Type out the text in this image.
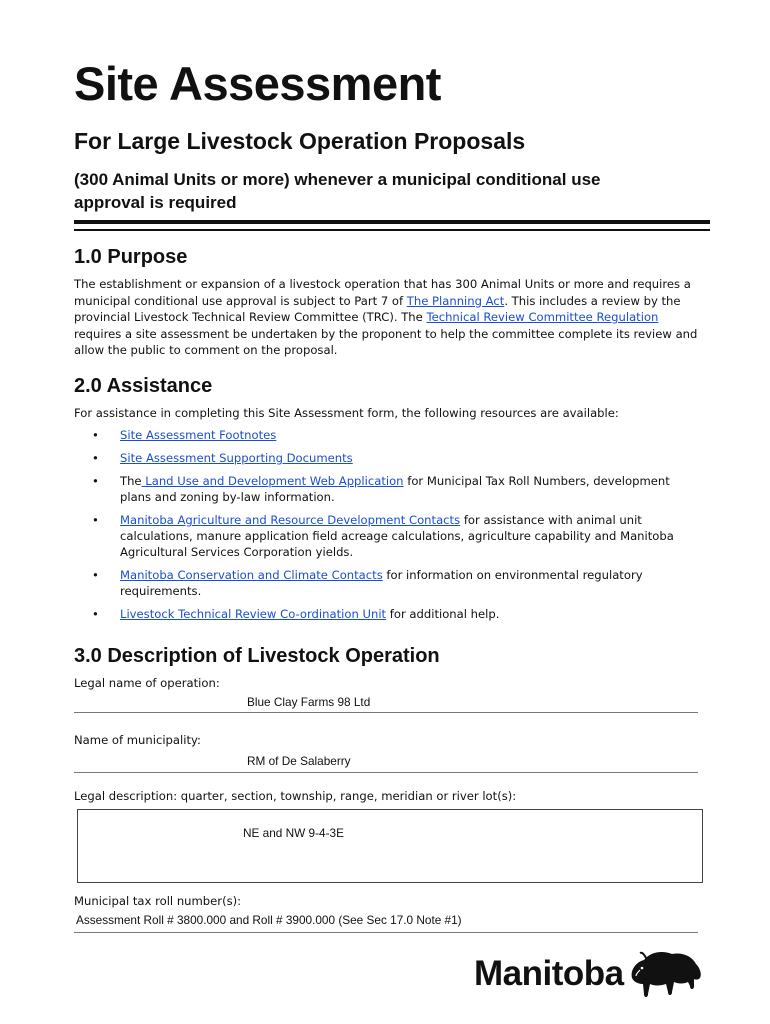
Site Assessment
For Large Livestock Operation Proposals

(300 Animal Units or more) whenever a municipal conditional use approval is required

1.0 Purpose
The establishment or expansion of a livestock operation that has 300 Animal Units or more and requires a municipal conditional use approval is subject to Part 7 of The Planning Act. This includes a review by the provincial Livestock Technical Review Committee (TRC). The Technical Review Committee Regulation requires a site assessment be undertaken by the proponent to help the committee complete its review and allow the public to comment on the proposal.
2.0 Assistance
For assistance in completing this Site Assessment form, the following resources are available:
• Site Assessment Footnotes
• Site Assessment Supporting Documents
• The Land Use and Development Web Application for Municipal Tax Roll Numbers, development plans and zoning by-law information.
• Manitoba Agriculture and Resource Development Contacts for assistance with animal unit calculations, manure application field acreage calculations, agriculture capability and Manitoba Agricultural Services Corporation yields.
• Manitoba Conservation and Climate Contacts for information on environmental regulatory requirements.
• Livestock Technical Review Co-ordination Unit for additional help.
3.0 Description of Livestock Operation
Legal name of operation:
Blue Clay Farms 98 Ltd
Name of municipality:
RM of De Salaberry
Legal description: quarter, section, township, range, meridian or river lot(s):
NE and NW 9-4-3E
Municipal tax roll number(s):
Assessment Roll # 3800.000 and Roll # 3900.000 (See Sec 17.0 Note #1)
Manitoba
